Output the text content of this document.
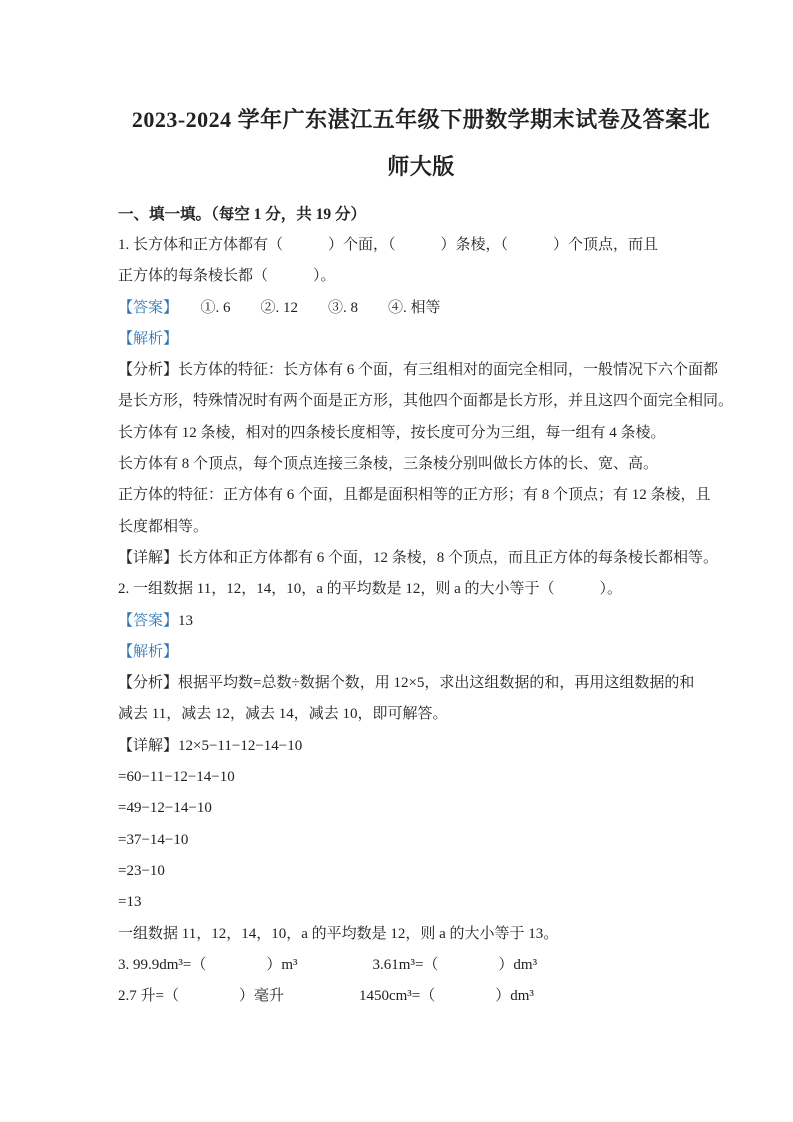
2023-2024 学年广东湛江五年级下册数学期末试卷及答案北
师大版
一、填一填。（每空 1 分，共 19 分）
1. 长方体和正方体都有（　　　）个面，（　　　）条棱，（　　　）个顶点，而且
正方体的每条棱长都（　　　）。
【答案】　　①. 6　　②. 12　　③. 8　　④. 相等
【解析】
【分析】长方体的特征：长方体有 6 个面，有三组相对的面完全相同，一般情况下六个面都
是长方形，特殊情况时有两个面是正方形，其他四个面都是长方形，并且这四个面完全相同。
长方体有 12 条棱，相对的四条棱长度相等，按长度可分为三组，每一组有 4 条棱。
长方体有 8 个顶点，每个顶点连接三条棱，三条棱分别叫做长方体的长、宽、高。
正方体的特征：正方体有 6 个面，且都是面积相等的正方形；有 8 个顶点；有 12 条棱，且
长度都相等。
【详解】长方体和正方体都有 6 个面，12 条棱，8 个顶点，而且正方体的每条棱长都相等。
2. 一组数据 11，12，14，10，a 的平均数是 12，则 a 的大小等于（　　　）。
【答案】13
【解析】
【分析】根据平均数=总数÷数据个数，用 12×5，求出这组数据的和，再用这组数据的和
减去 11，减去 12，减去 14，减去 10，即可解答。
【详解】12×5−11−12−14−10
=60−11−12−14−10
=49−12−14−10
=37−14−10
=23−10
=13
一组数据 11，12，14，10，a 的平均数是 12，则 a 的大小等于 13。
3. 99.9dm³=（　　　　）m³　　　　　3.61m³=（　　　　）dm³
2.7 升=（　　　　）毫升　　　　　1450cm³=（　　　　）dm³
